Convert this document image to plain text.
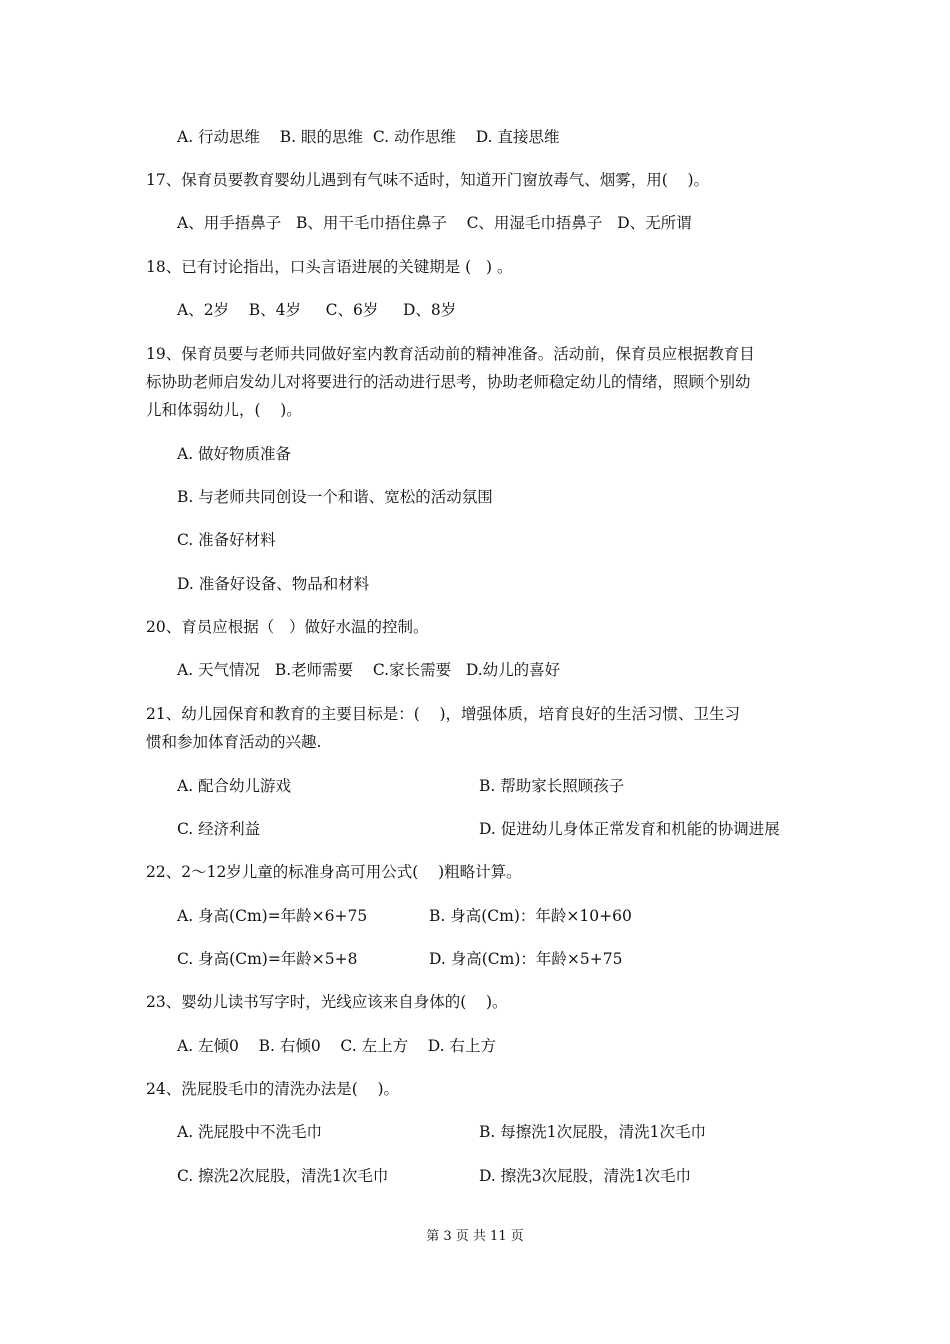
A. 行动思维    B. 眼的思维  C. 动作思维    D. 直接思维
17、保育员要教育婴幼儿遇到有气味不适时，知道开门窗放毒气、烟雾，用(    )。
A、用手捂鼻子   B、用干毛巾捂住鼻子    C、用湿毛巾捂鼻子   D、无所谓
18、已有讨论指出，口头言语进展的关键期是 (   ) 。
A、2岁    B、4岁     C、6岁     D、8岁
19、保育员要与老师共同做好室内教育活动前的精神准备。活动前，保育员应根据教育目
标协助老师启发幼儿对将要进行的活动进行思考，协助老师稳定幼儿的情绪，照顾个别幼
儿和体弱幼儿，(    )。
A. 做好物质准备
B. 与老师共同创设一个和谐、宽松的活动氛围
C. 准备好材料
D. 准备好设备、物品和材料
20、育员应根据（   ）做好水温的控制。
A. 天气情况   B.老师需要    C.家长需要   D.幼儿的喜好
21、幼儿园保育和教育的主要目标是：(    )，增强体质，培育良好的生活习惯、卫生习
惯和参加体育活动的兴趣.
A. 配合幼儿游戏	B. 帮助家长照顾孩子
C. 经济利益	D. 促进幼儿身体正常发育和机能的协调进展
22、2～12岁儿童的标准身高可用公式(    )粗略计算。
A. 身高(Cm)=年龄×6+75	B. 身高(Cm)：年龄×10+60
C. 身高(Cm)=年龄×5+8	D. 身高(Cm)：年龄×5+75
23、婴幼儿读书写字时，光线应该来自身体的(    )。
A. 左倾0    B. 右倾0    C. 左上方    D. 右上方
24、洗屁股毛巾的清洗办法是(    )。
A. 洗屁股中不洗毛巾	B. 每擦洗1次屁股，清洗1次毛巾
C. 擦洗2次屁股，清洗1次毛巾	D. 擦洗3次屁股，清洗1次毛巾
第 3 页 共 11 页
